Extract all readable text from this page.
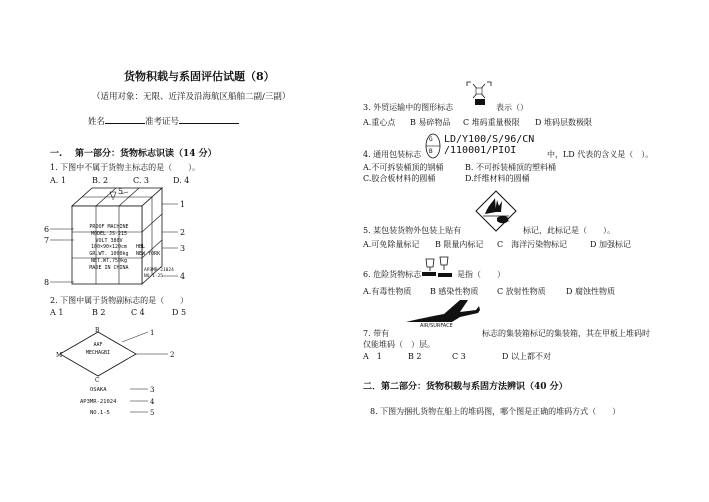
货物积载与系固评估试题（8）
（适用对象：无限、近洋及沿海航区船舶二副/三副）
姓名	准考证号
一. 第一部分：货物标志识读（14 分）
1. 下图中不属于货物主标志的是（　　）。
A. 1	B. 2	C. 3	D. 4
5
6
7
8
1
2
3
4
PROOF MACHINE
MODEL JS-215
VOLT 380V
100×90×120cm
GR.WT. 1000kg
NET.WT.750kg
MADE IN CHINA
HBL
NEW YORK
AP3MR-21024
NO.1-25
2. 下图中属于货物副标志的是（　　）
A 1	B 2	C 4	D 5
B
M
C
AAF
MECHAGBI
OSAKA
AP3MR-21024
NO.1-5
1
2
3
4
5
3. 外贸运输中的图形标志	表示（）
A.重心点 B 易碎物品 C 堆码重量极限 D 堆码层数极限
4. 通用包装标志
G
B
LD/Y100/S/96/CN
/110001/PIOI	中，LD 代表的含义是（　）。
A.不可拆装桶顶的钢桶	B. 不可拆装桶顶的塑料桶
C.胶合板材料的圆桶	D.纤维材料的圆桶
5. 某包装货物外包装上贴有	标记，此标记是（　　）。
A.可免除量标记 B 限量内标记 C　海洋污染物标记	D 加强标记
6. 危险货物标志	是指（　　）
A.有毒性物质 B 感染性物质 C 放射性物质	D 腐蚀性物质
AIR/SURFACE
7. 带有	标志的集装箱标记的集装箱，其在甲板上堆码时
仅能堆码（　）层。
A　1	B 2	C 3	D 以上都不对
二．第二部分：货物积载与系固方法辨识（40 分）
8. 下图为捆扎货物在船上的堆码图，哪个图是正确的堆码方式（　　）
